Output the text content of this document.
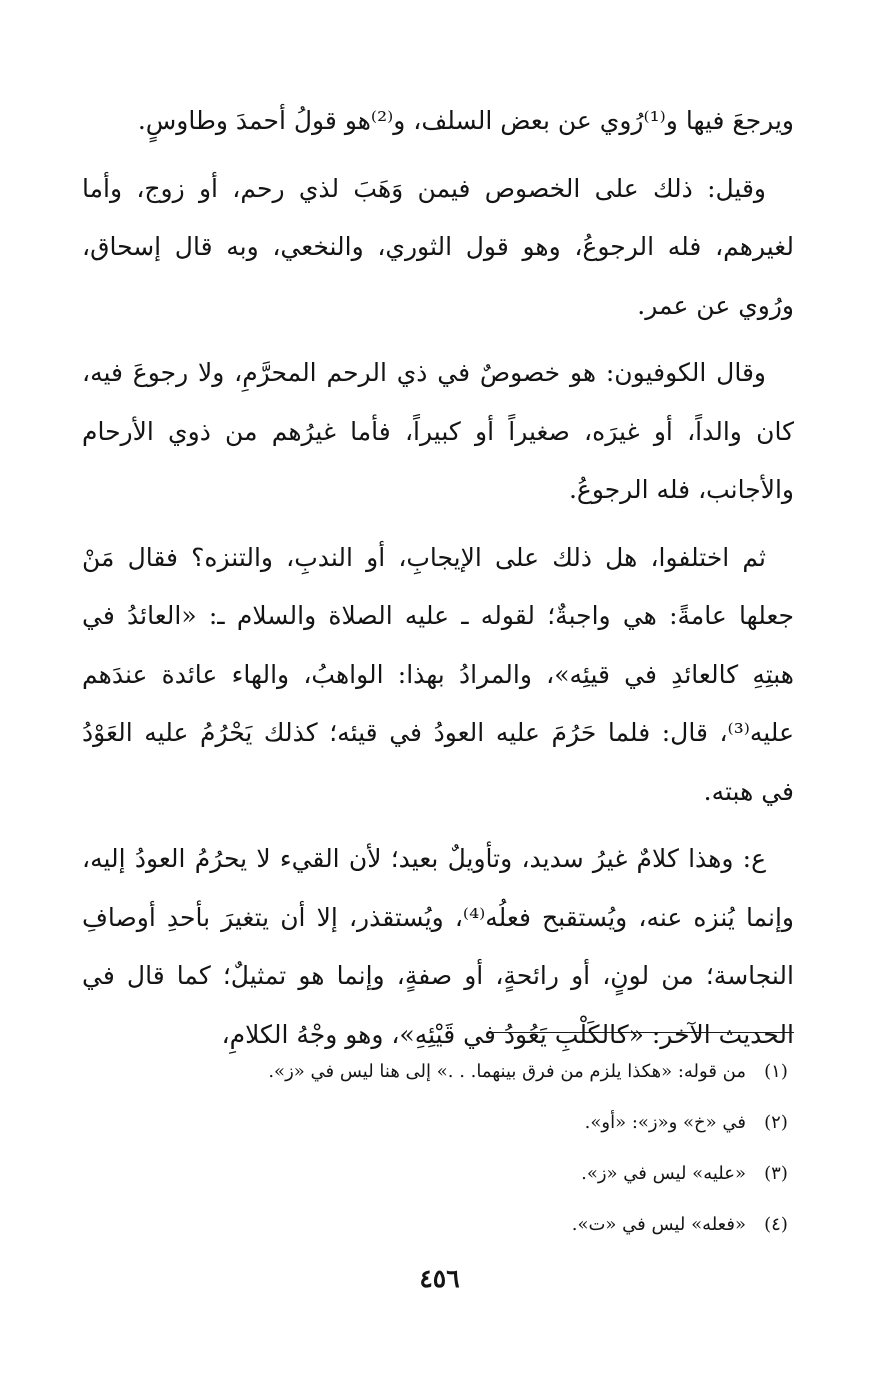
ويرجعَ فيها و⁽¹⁾رُوي عن بعض السلف، و⁽²⁾هو قولُ أحمدَ وطاوسٍ.

وقيل: ذلك على الخصوص فيمن وَهَبَ لذي رحم، أو زوج، وأما لغيرهم، فله الرجوعُ، وهو قول الثوري، والنخعي، وبه قال إسحاق، ورُوي عن عمر.

وقال الكوفيون: هو خصوصٌ في ذي الرحم المحرَّمِ، ولا رجوعَ فيه، كان والداً، أو غيرَه، صغيراً أو كبيراً، فأما غيرُهم من ذوي الأرحام والأجانب، فله الرجوعُ.

ثم اختلفوا، هل ذلك على الإيجابِ، أو الندبِ، والتنزه؟ فقال مَنْ جعلها عامةً: هي واجبةٌ؛ لقوله ـ عليه الصلاة والسلام ـ: «العائدُ في هبتِهِ كالعائدِ في قيئِه»، والمرادُ بهذا: الواهبُ، والهاء عائدة عندَهم عليه⁽³⁾، قال: فلما حَرُمَ عليه العودُ في قيئه؛ كذلك يَحْرُمُ عليه العَوْدُ في هبته.

ع: وهذا كلامٌ غيرُ سديد، وتأويلٌ بعيد؛ لأن القيء لا يحرُمُ العودُ إليه، وإنما يُنزه عنه، ويُستقبح فعلُه⁽⁴⁾، ويُستقذر، إلا أن يتغيرَ بأحدِ أوصافِ النجاسة؛ من لونٍ، أو رائحةٍ، أو صفةٍ، وإنما هو تمثيلٌ؛ كما قال في الحديث الآخر: «كالكَلْبِ يَعُودُ في قَيْئِهِ»، وهو وجْهُ الكلامِ،

(١)
من قوله: «هكذا يلزم من فرق بينهما. . .» إلى هنا ليس في «ز».
(٢)
في «خ» و«ز»: «أو».
(٣)
«عليه» ليس في «ز».
(٤)
«فعله» ليس في «ت».
٤٥٦
